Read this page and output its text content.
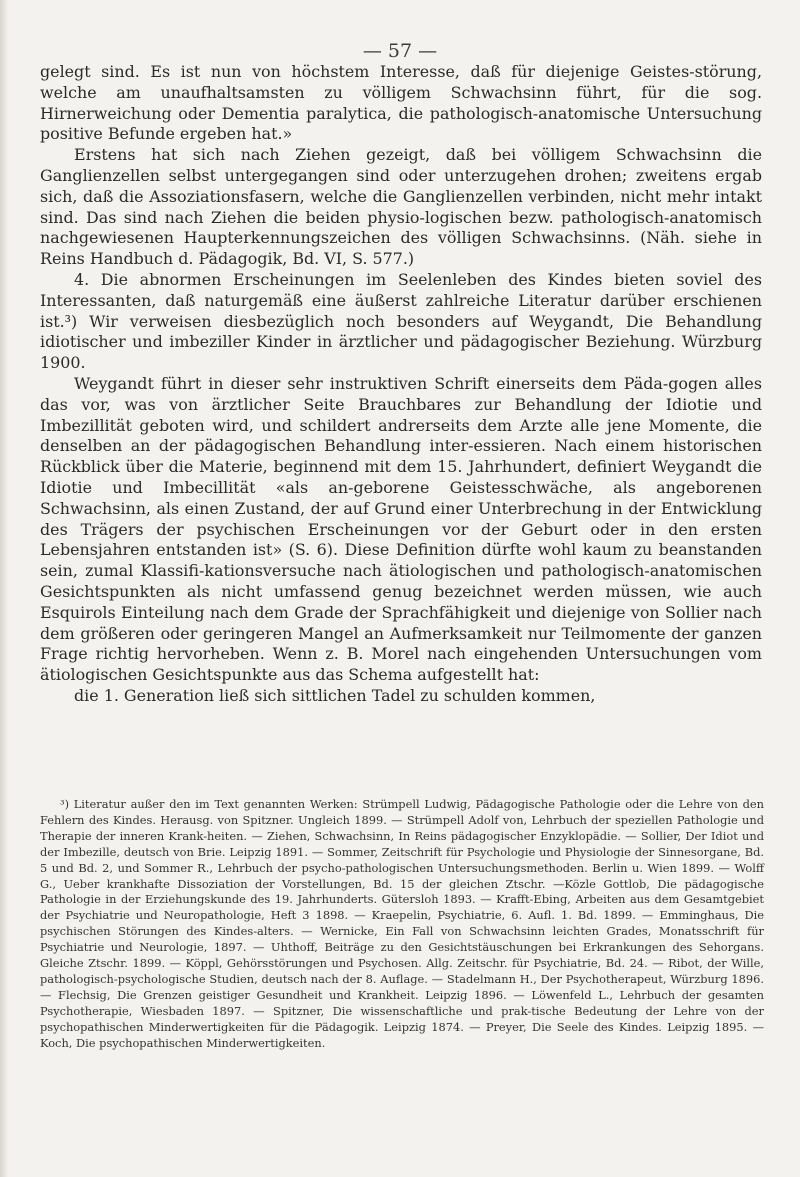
— 57 —

gelegt sind. Es ist nun von höchstem Interesse, daß für diejenige Geistes-störung, welche am unaufhaltsamsten zu völligem Schwachsinn führt, für die sog. Hirnerweichung oder Dementia paralytica, die pathologisch-anatomische Untersuchung positive Befunde ergeben hat.»

Erstens hat sich nach Ziehen gezeigt, daß bei völligem Schwachsinn die Ganglienzellen selbst untergegangen sind oder unterzugehen drohen; zweitens ergab sich, daß die Assoziationsfasern, welche die Ganglienzellen verbinden, nicht mehr intakt sind. Das sind nach Ziehen die beiden physio-logischen bezw. pathologisch-anatomisch nachgewiesenen Haupterkennungszeichen des völligen Schwachsinns. (Näh. siehe in Reins Handbuch d. Pädagogik, Bd. VI, S. 577.)

4. Die abnormen Erscheinungen im Seelenleben des Kindes bieten soviel des Interessanten, daß naturgemäß eine äußerst zahlreiche Literatur darüber erschienen ist.³) Wir verweisen diesbezüglich noch besonders auf Weygandt, Die Behandlung idiotischer und imbeziller Kinder in ärztlicher und pädagogischer Beziehung. Würzburg 1900.

Weygandt führt in dieser sehr instruktiven Schrift einerseits dem Päda-gogen alles das vor, was von ärztlicher Seite Brauchbares zur Behandlung der Idiotie und Imbezillität geboten wird, und schildert andrerseits dem Arzte alle jene Momente, die denselben an der pädagogischen Behandlung inter-essieren. Nach einem historischen Rückblick über die Materie, beginnend mit dem 15. Jahrhundert, definiert Weygandt die Idiotie und Imbecillität «als an-geborene Geistesschwäche, als angeborenen Schwachsinn, als einen Zustand, der auf Grund einer Unterbrechung in der Entwicklung des Trägers der psychischen Erscheinungen vor der Geburt oder in den ersten Lebensjahren entstanden ist» (S. 6). Diese Definition dürfte wohl kaum zu beanstanden sein, zumal Klassifi-kationsversuche nach ätiologischen und pathologisch-anatomischen Gesichtspunkten als nicht umfassend genug bezeichnet werden müssen, wie auch Esquirols Einteilung nach dem Grade der Sprachfähigkeit und diejenige von Sollier nach dem größeren oder geringeren Mangel an Aufmerksamkeit nur Teilmomente der ganzen Frage richtig hervorheben. Wenn z. B. Morel nach eingehenden Untersuchungen vom ätiologischen Gesichtspunkte aus das Schema aufgestellt hat:

die 1. Generation ließ sich sittlichen Tadel zu schulden kommen,

³) Literatur außer den im Text genannten Werken: Strümpell Ludwig, Pädagogische Pathologie oder die Lehre von den Fehlern des Kindes. Herausg. von Spitzner. Ungleich 1899. — Strümpell Adolf von, Lehrbuch der speziellen Pathologie und Therapie der inneren Krank-heiten. — Ziehen, Schwachsinn, In Reins pädagogischer Enzyklopädie. — Sollier, Der Idiot und der Imbezille, deutsch von Brie. Leipzig 1891. — Sommer, Zeitschrift für Psychologie und Physiologie der Sinnesorgane, Bd. 5 und Bd. 2, und Sommer R., Lehrbuch der psycho-pathologischen Untersuchungsmethoden. Berlin u. Wien 1899. — Wolff G., Ueber krankhafte Dissoziation der Vorstellungen, Bd. 15 der gleichen Ztschr. —Közle Gottlob, Die pädagogische Pathologie in der Erziehungskunde des 19. Jahrhunderts. Gütersloh 1893. — Krafft-Ebing, Arbeiten aus dem Gesamtgebiet der Psychiatrie und Neuropathologie, Heft 3 1898. — Kraepelin, Psychiatrie, 6. Aufl. 1. Bd. 1899. — Emminghaus, Die psychischen Störungen des Kindes-alters. — Wernicke, Ein Fall von Schwachsinn leichten Grades, Monatsschrift für Psychiatrie und Neurologie, 1897. — Uhthoff, Beiträge zu den Gesichtstäuschungen bei Erkrankungen des Sehorgans. Gleiche Ztschr. 1899. — Köppl, Gehörsstörungen und Psychosen. Allg. Zeitschr. für Psychiatrie, Bd. 24. — Ribot, der Wille, pathologisch-psychologische Studien, deutsch nach der 8. Auflage. — Stadelmann H., Der Psychotherapeut, Würzburg 1896. — Flechsig, Die Grenzen geistiger Gesundheit und Krankheit. Leipzig 1896. — Löwenfeld L., Lehrbuch der gesamten Psychotherapie, Wiesbaden 1897. — Spitzner, Die wissenschaftliche und prak-tische Bedeutung der Lehre von der psychopathischen Minderwertigkeiten für die Pädagogik. Leipzig 1874. — Preyer, Die Seele des Kindes. Leipzig 1895. — Koch, Die psychopathischen Minderwertigkeiten.
